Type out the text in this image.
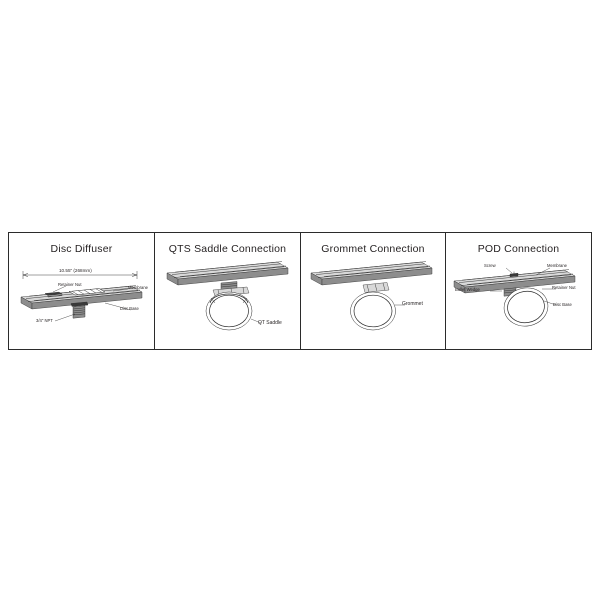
Disc Diffuser
10.55" (268mm)
Retainer Nut
Membrane
3/4" NPT
Disc Base
QTS Saddle Connection
QT Saddle
Grommet Connection
Grommet
POD Connection
Screw	Membrane
Retainer Nut
Bullet Wedge
Disc Base
